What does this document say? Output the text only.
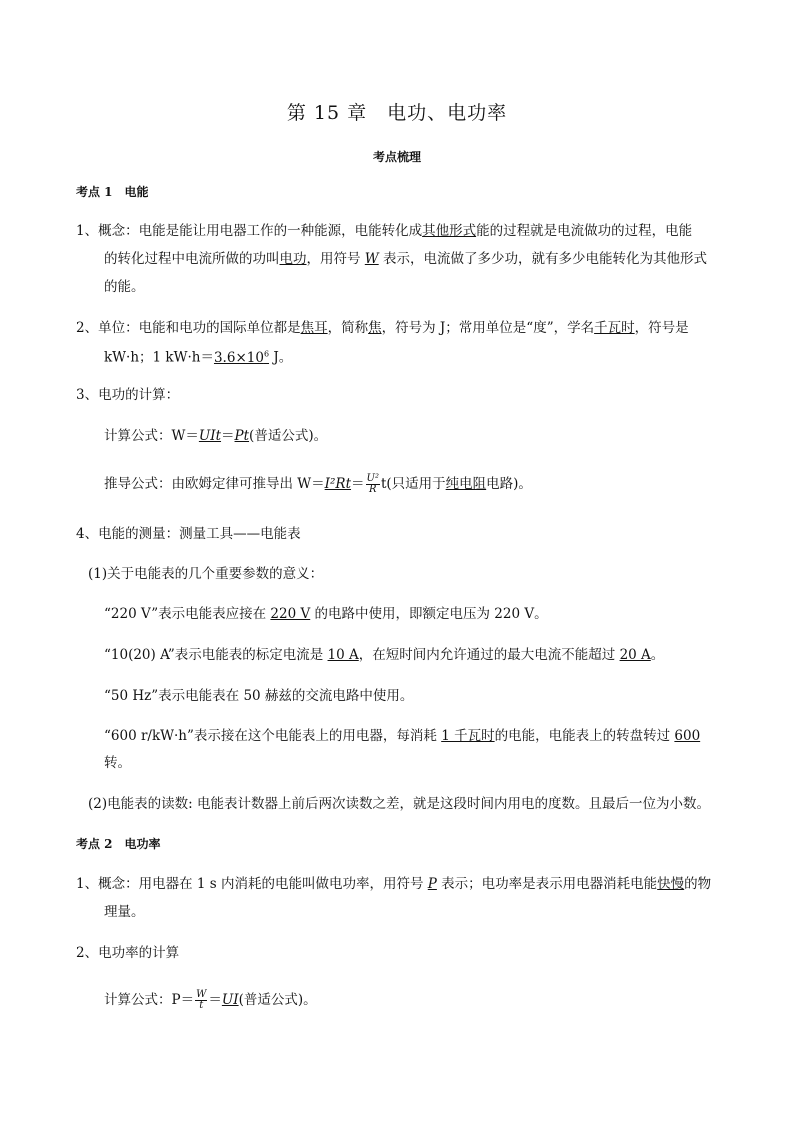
第 15 章　电功、电功率
考点梳理
考点 1　电能
1、概念：电能是能让用电器工作的一种能源，电能转化成其他形式能的过程就是电流做功的过程，电能
的转化过程中电流所做的功叫电功，用符号 W 表示，电流做了多少功，就有多少电能转化为其他形式
的能。
2、单位：电能和电功的国际单位都是焦耳，简称焦，符号为 J；常用单位是“度”，学名千瓦时，符号是
kW·h；1 $kW\cdot h=3.6\times 10^6$ J。
3、电功的计算：
计算公式：W＝UIt＝Pt(普适公式)。
推导公式：由欧姆定律可推导出 $W=I^2Rt= \frac{\text{U²}}{R} t$(只适用于纯电阻电路)。
4、电能的测量：测量工具——电能表
(1)关于电能表的几个重要参数的意义：
“220 V”表示电能表应接在 220 V 的电路中使用，即额定电压为 220 V。
“10(20) A”表示电能表的标定电流是 10 A，在短时间内允许通过的最大电流不能超过 20 A。
“50 Hz”表示电能表在 50 赫兹的交流电路中使用。
“600 r/kW·h”表示接在这个电能表上的用电器，每消耗 1 千瓦时的电能，电能表上的转盘转过 600
转。
(2)电能表的读数: 电能表计数器上前后两次读数之差，就是这段时间内用电的度数。且最后一位为小数。
考点 2　电功率
1、概念：用电器在 1 s 内消耗的电能叫做电功率，用符号 P 表示；电功率是表示用电器消耗电能快慢的物
理量。
2、电功率的计算
计算公式：$P= \frac{W}{t} =UI$(普适公式)。
